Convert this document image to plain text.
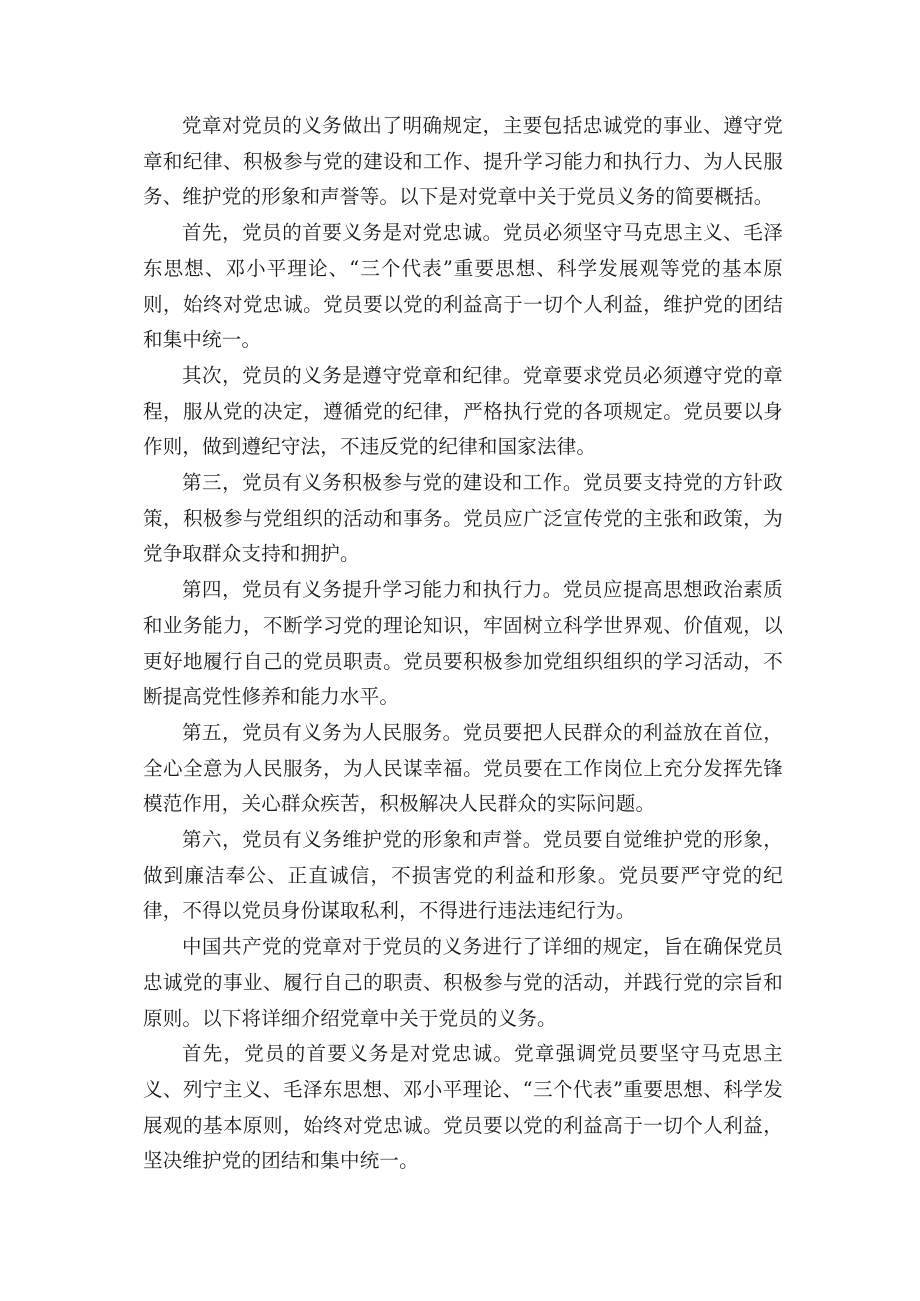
党章对党员的义务做出了明确规定，主要包括忠诚党的事业、遵守党章和纪律、积极参与党的建设和工作、提升学习能力和执行力、为人民服务、维护党的形象和声誉等。以下是对党章中关于党员义务的简要概括。

首先，党员的首要义务是对党忠诚。党员必须坚守马克思主义、毛泽东思想、邓小平理论、“三个代表”重要思想、科学发展观等党的基本原则，始终对党忠诚。党员要以党的利益高于一切个人利益，维护党的团结和集中统一。

其次，党员的义务是遵守党章和纪律。党章要求党员必须遵守党的章程，服从党的决定，遵循党的纪律，严格执行党的各项规定。党员要以身作则，做到遵纪守法，不违反党的纪律和国家法律。

第三，党员有义务积极参与党的建设和工作。党员要支持党的方针政策，积极参与党组织的活动和事务。党员应广泛宣传党的主张和政策，为党争取群众支持和拥护。

第四，党员有义务提升学习能力和执行力。党员应提高思想政治素质和业务能力，不断学习党的理论知识，牢固树立科学世界观、价值观，以更好地履行自己的党员职责。党员要积极参加党组织组织的学习活动，不断提高党性修养和能力水平。

第五，党员有义务为人民服务。党员要把人民群众的利益放在首位，全心全意为人民服务，为人民谋幸福。党员要在工作岗位上充分发挥先锋模范作用，关心群众疾苦，积极解决人民群众的实际问题。

第六，党员有义务维护党的形象和声誉。党员要自觉维护党的形象，做到廉洁奉公、正直诚信，不损害党的利益和形象。党员要严守党的纪律，不得以党员身份谋取私利，不得进行违法违纪行为。

中国共产党的党章对于党员的义务进行了详细的规定，旨在确保党员忠诚党的事业、履行自己的职责、积极参与党的活动，并践行党的宗旨和原则。以下将详细介绍党章中关于党员的义务。

首先，党员的首要义务是对党忠诚。党章强调党员要坚守马克思主义、列宁主义、毛泽东思想、邓小平理论、“三个代表”重要思想、科学发展观的基本原则，始终对党忠诚。党员要以党的利益高于一切个人利益，坚决维护党的团结和集中统一。
